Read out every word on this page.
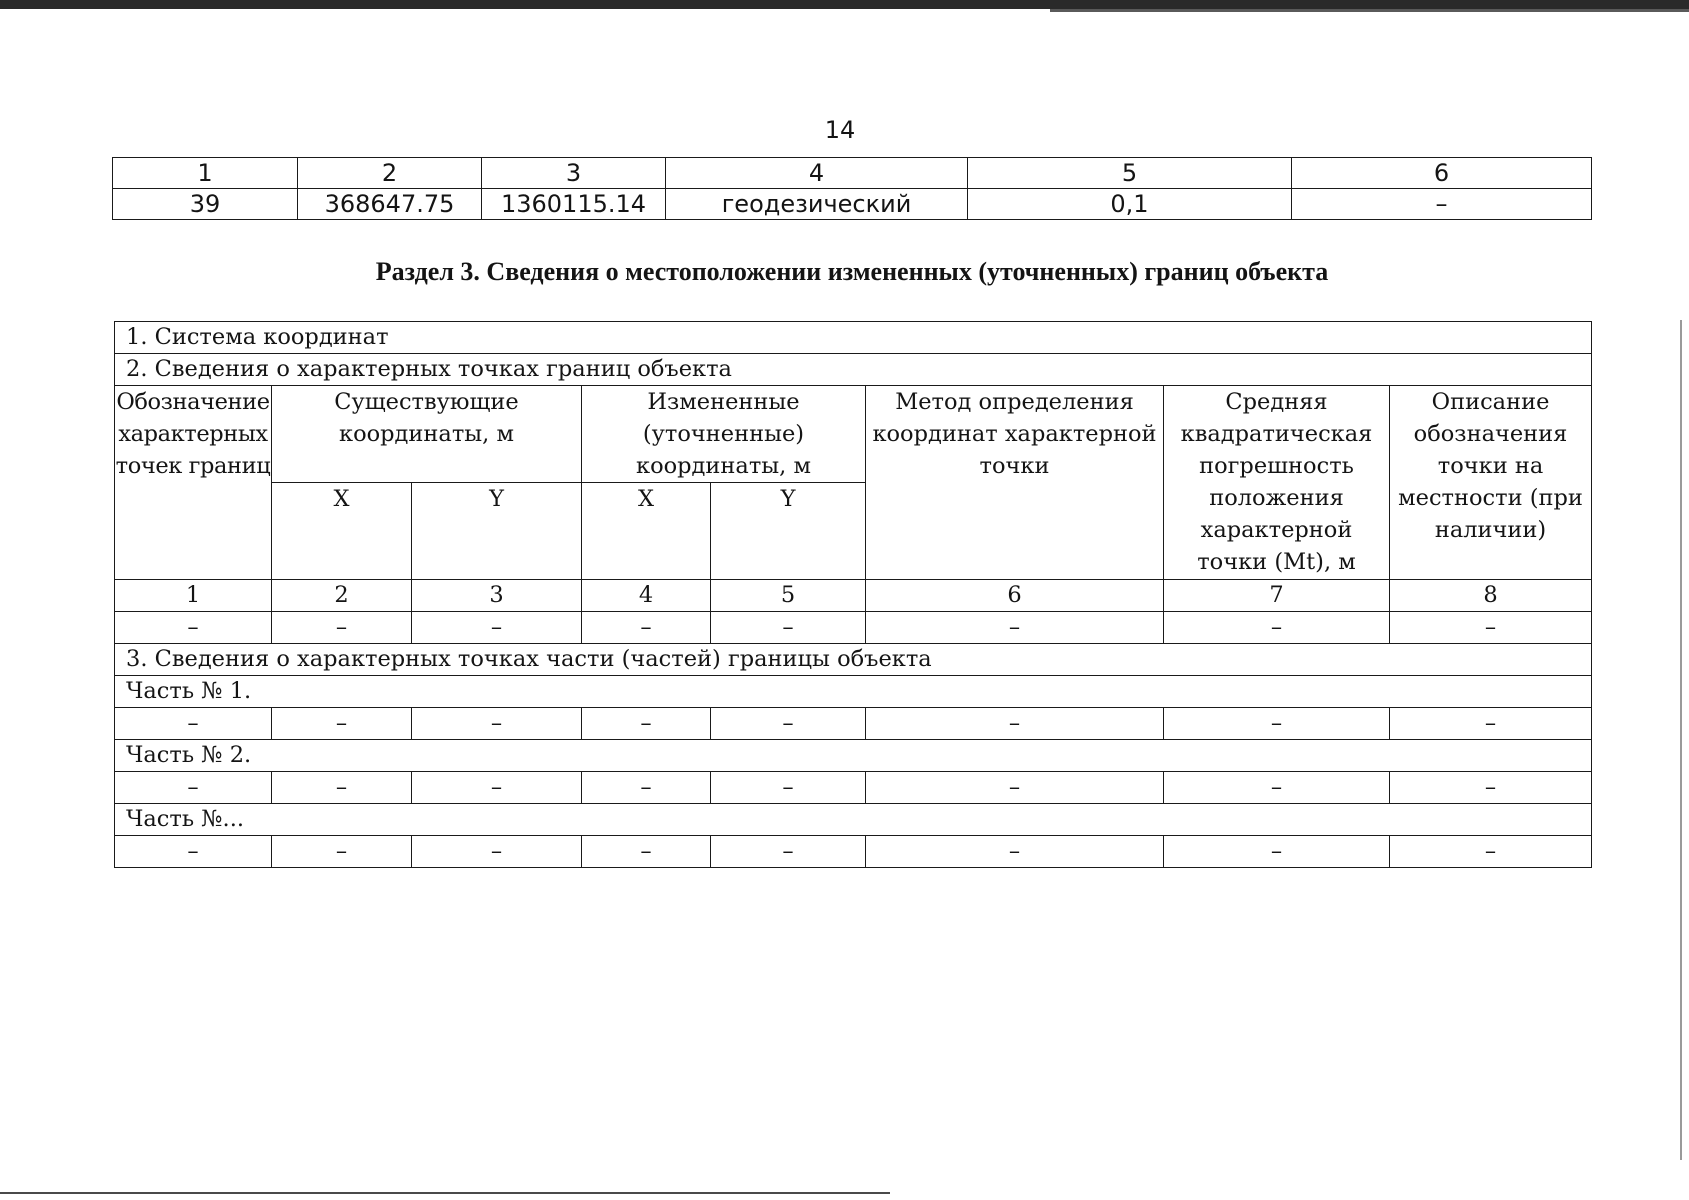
14
1	2	3	4	5	6
39	368647.75	1360115.14	геодезический	0,1	–
Раздел 3. Сведения о местоположении измененных (уточненных) границ объекта
1. Система координат							
2. Сведения о характерных точках границ объекта							
Обозначение характерных точек границ	Существующие координаты, м		Измененные (уточненные) координаты, м		Метод определения координат характерной точки	Средняя квадратическая погрешность положения характерной точки (Mt), м	Описание обозначения точки на местности (при наличии)
	X	Y	X	Y			
1	2	3	4	5	6	7	8
–	–	–	–	–	–	–	–
3. Сведения о характерных точках части (частей) границы объекта							
Часть № 1.							
–	–	–	–	–	–	–	–
Часть № 2.							
–	–	–	–	–	–	–	–
Часть №...							
–	–	–	–	–	–	–	–
